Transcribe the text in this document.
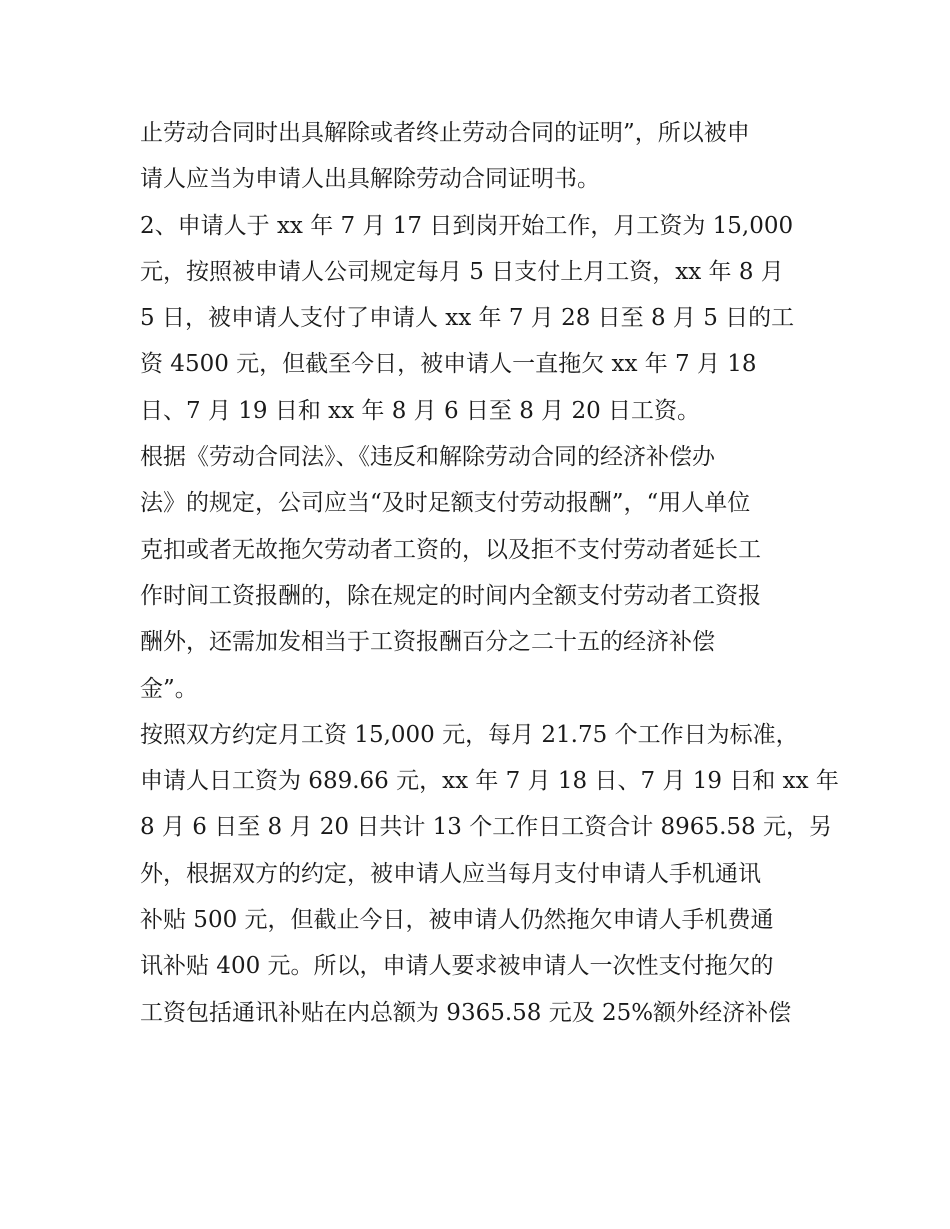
止劳动合同时出具解除或者终止劳动合同的证明”，所以被申
请人应当为申请人出具解除劳动合同证明书。
2、申请人于 xx 年 7 月 17 日到岗开始工作，月工资为 15,000
元，按照被申请人公司规定每月 5 日支付上月工资，xx 年 8 月
5 日，被申请人支付了申请人 xx 年 7 月 28 日至 8 月 5 日的工
资 4500 元，但截至今日，被申请人一直拖欠 xx 年 7 月 18
日、7 月 19 日和 xx 年 8 月 6 日至 8 月 20 日工资。
根据《劳动合同法》、《违反和解除劳动合同的经济补偿办
法》的规定，公司应当“及时足额支付劳动报酬”，“用人单位
克扣或者无故拖欠劳动者工资的，以及拒不支付劳动者延长工
作时间工资报酬的，除在规定的时间内全额支付劳动者工资报
酬外，还需加发相当于工资报酬百分之二十五的经济补偿
金”。
按照双方约定月工资 15,000 元，每月 21.75 个工作日为标准，
申请人日工资为 689.66 元，xx 年 7 月 18 日、7 月 19 日和 xx 年
8 月 6 日至 8 月 20 日共计 13 个工作日工资合计 8965.58 元，另
外，根据双方的约定，被申请人应当每月支付申请人手机通讯
补贴 500 元，但截止今日，被申请人仍然拖欠申请人手机费通
讯补贴 400 元。所以，申请人要求被申请人一次性支付拖欠的
工资包括通讯补贴在内总额为 9365.58 元及 25%额外经济补偿
